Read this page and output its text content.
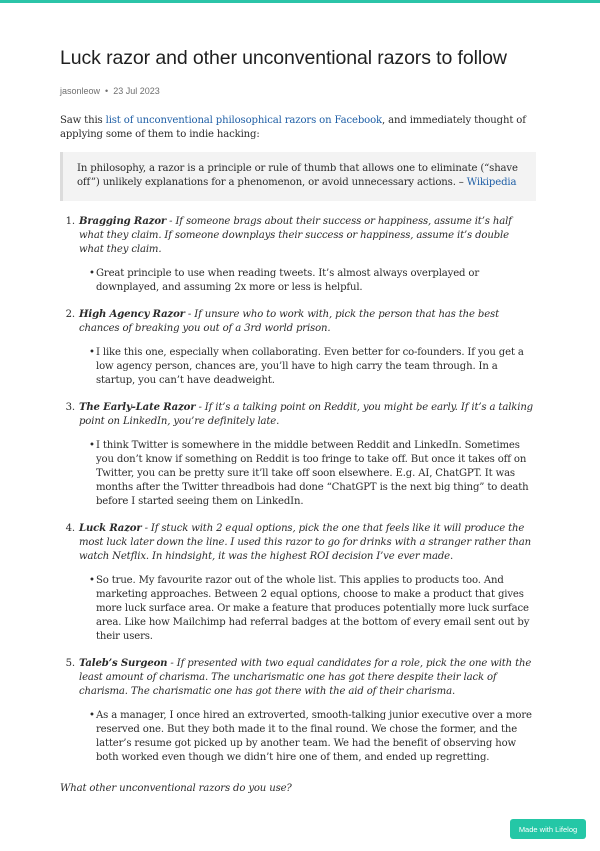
Luck razor and other unconventional razors to follow
jasonleow • 23 Jul 2023

Saw this list of unconventional philosophical razors on Facebook, and immediately thought of applying some of them to indie hacking:

In philosophy, a razor is a principle or rule of thumb that allows one to eliminate (“shave off”) unlikely explanations for a phenomenon, or avoid unnecessary actions. – Wikipedia

1. Bragging Razor - If someone brags about their success or happiness, assume it’s half what they claim. If someone downplays their success or happiness, assume it’s double what they claim.
• Great principle to use when reading tweets. It’s almost always overplayed or downplayed, and assuming 2x more or less is helpful.
2. High Agency Razor - If unsure who to work with, pick the person that has the best chances of breaking you out of a 3rd world prison.
• I like this one, especially when collaborating. Even better for co-founders. If you get a low agency person, chances are, you’ll have to high carry the team through. In a startup, you can’t have deadweight.
3. The Early-Late Razor - If it’s a talking point on Reddit, you might be early. If it’s a talking point on LinkedIn, you’re definitely late.
• I think Twitter is somewhere in the middle between Reddit and LinkedIn. Sometimes you don’t know if something on Reddit is too fringe to take off. But once it takes off on Twitter, you can be pretty sure it’ll take off soon elsewhere. E.g. AI, ChatGPT. It was months after the Twitter threadbois had done “ChatGPT is the next big thing” to death before I started seeing them on LinkedIn.
4. Luck Razor - If stuck with 2 equal options, pick the one that feels like it will produce the most luck later down the line. I used this razor to go for drinks with a stranger rather than watch Netflix. In hindsight, it was the highest ROI decision I’ve ever made.
• So true. My favourite razor out of the whole list. This applies to products too. And marketing approaches. Between 2 equal options, choose to make a product that gives more luck surface area. Or make a feature that produces potentially more luck surface area. Like how Mailchimp had referral badges at the bottom of every email sent out by their users.
5. Taleb’s Surgeon - If presented with two equal candidates for a role, pick the one with the least amount of charisma. The uncharismatic one has got there despite their lack of charisma. The charismatic one has got there with the aid of their charisma.
• As a manager, I once hired an extroverted, smooth-talking junior executive over a more reserved one. But they both made it to the final round. We chose the former, and the latter’s resume got picked up by another team. We had the benefit of observing how both worked even though we didn’t hire one of them, and ended up regretting.

What other unconventional razors do you use?

Made with Lifelog
